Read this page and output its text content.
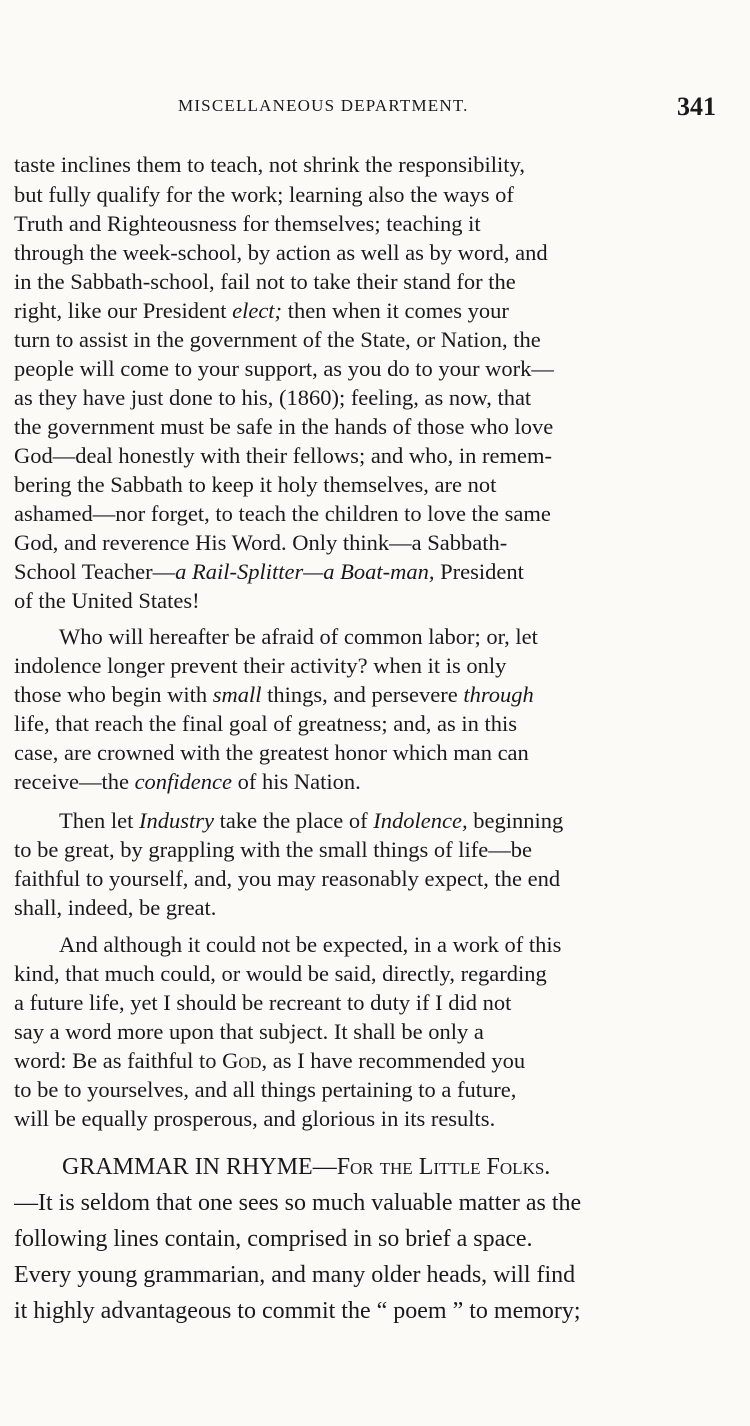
MISCELLANEOUS DEPARTMENT.	341
taste inclines them to teach, not shrink the responsibility,
but fully qualify for the work; learning also the ways of
Truth and Righteousness for themselves; teaching it
through the week-school, by action as well as by word, and
in the Sabbath-school, fail not to take their stand for the
right, like our President elect; then when it comes your
turn to assist in the government of the State, or Nation, the
people will come to your support, as you do to your work—
as they have just done to his, (1860); feeling, as now, that
the government must be safe in the hands of those who love
God—deal honestly with their fellows; and who, in remem-
bering the Sabbath to keep it holy themselves, are not
ashamed—nor forget, to teach the children to love the same
God, and reverence His Word. Only think—a Sabbath-
School Teacher—a Rail-Splitter—a Boat-man, President
of the United States!
  Who will hereafter be afraid of common labor; or, let
indolence longer prevent their activity? when it is only
those who begin with small things, and persevere through
life, that reach the final goal of greatness; and, as in this
case, are crowned with the greatest honor which man can
receive—the confidence of his Nation.
  Then let Industry take the place of Indolence, beginning
to be great, by grappling with the small things of life—be
faithful to yourself, and, you may reasonably expect, the end
shall, indeed, be great.
  And although it could not be expected, in a work of this
kind, that much could, or would be said, directly, regarding
a future life, yet I should be recreant to duty if I did not
say a word more upon that subject. It shall be only a
word: Be as faithful to God, as I have recommended you
to be to yourselves, and all things pertaining to a future,
will be equally prosperous, and glorious in its results.
  GRAMMAR IN RHYME—For the Little Folks.
—It is seldom that one sees so much valuable matter as the
following lines contain, comprised in so brief a space.
Every young grammarian, and many older heads, will find
it highly advantageous to commit the “ poem ” to memory;
